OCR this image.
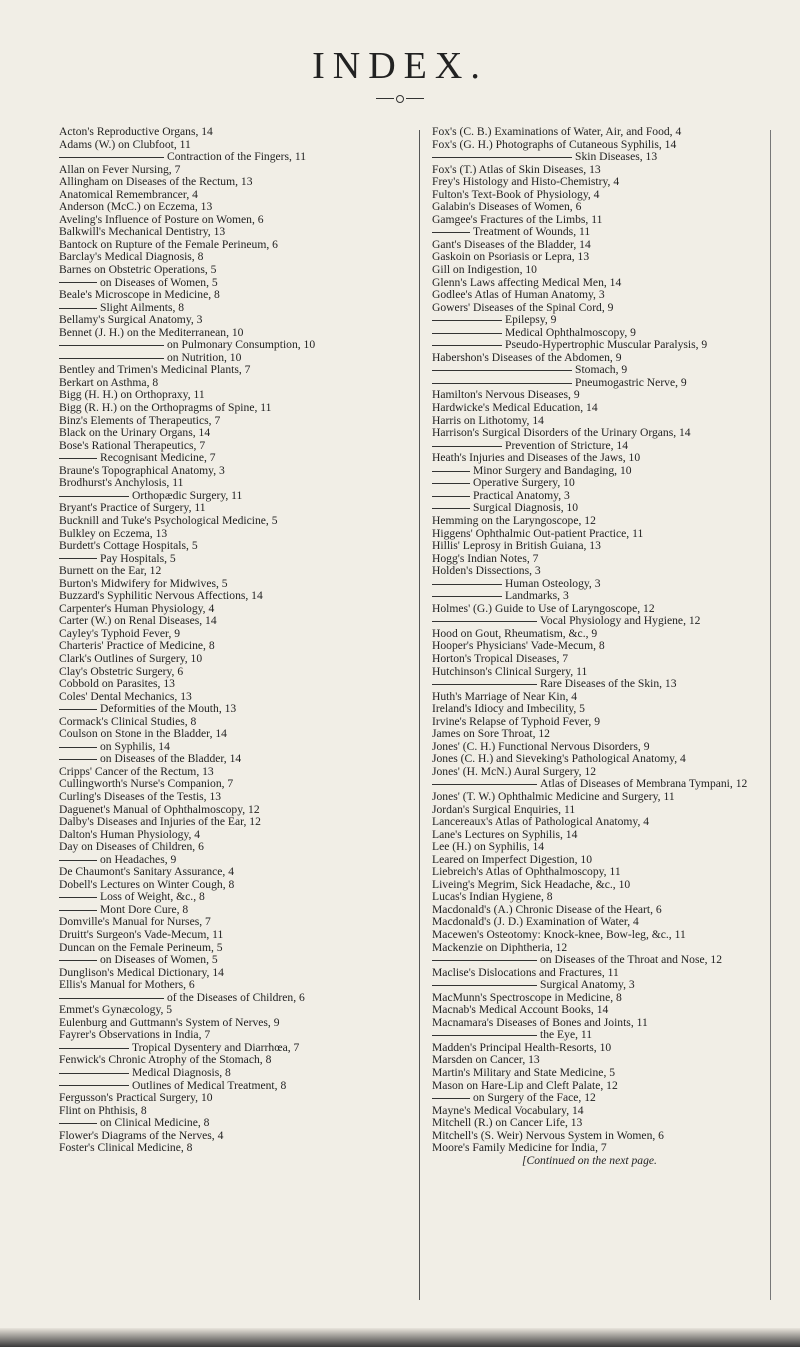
INDEX.
Acton's Reproductive Organs, 14
Adams (W.) on Clubfoot, 11
Contraction of the Fingers, 11
Allan on Fever Nursing, 7
Allingham on Diseases of the Rectum, 13
Anatomical Remembrancer, 4
Anderson (McC.) on Eczema, 13
Aveling's Influence of Posture on Women, 6
Balkwill's Mechanical Dentistry, 13
Bantock on Rupture of the Female Perineum, 6
Barclay's Medical Diagnosis, 8
Barnes on Obstetric Operations, 5
on Diseases of Women, 5
Beale's Microscope in Medicine, 8
Slight Ailments, 8
Bellamy's Surgical Anatomy, 3
Bennet (J. H.) on the Mediterranean, 10
on Pulmonary Consumption, 10
on Nutrition, 10
Bentley and Trimen's Medicinal Plants, 7
Berkart on Asthma, 8
Bigg (H. H.) on Orthopraxy, 11
Bigg (R. H.) on the Orthopragms of Spine, 11
Binz's Elements of Therapeutics, 7
Black on the Urinary Organs, 14
Bose's Rational Therapeutics, 7
Recognisant Medicine, 7
Braune's Topographical Anatomy, 3
Brodhurst's Anchylosis, 11
Orthopædic Surgery, 11
Bryant's Practice of Surgery, 11
Bucknill and Tuke's Psychological Medicine, 5
Bulkley on Eczema, 13
Burdett's Cottage Hospitals, 5
Pay Hospitals, 5
Burnett on the Ear, 12
Burton's Midwifery for Midwives, 5
Buzzard's Syphilitic Nervous Affections, 14
Carpenter's Human Physiology, 4
Carter (W.) on Renal Diseases, 14
Cayley's Typhoid Fever, 9
Charteris' Practice of Medicine, 8
Clark's Outlines of Surgery, 10
Clay's Obstetric Surgery, 6
Cobbold on Parasites, 13
Coles' Dental Mechanics, 13
Deformities of the Mouth, 13
Cormack's Clinical Studies, 8
Coulson on Stone in the Bladder, 14
on Syphilis, 14
on Diseases of the Bladder, 14
Cripps' Cancer of the Rectum, 13
Cullingworth's Nurse's Companion, 7
Curling's Diseases of the Testis, 13
Daguenet's Manual of Ophthalmoscopy, 12
Dalby's Diseases and Injuries of the Ear, 12
Dalton's Human Physiology, 4
Day on Diseases of Children, 6
on Headaches, 9
De Chaumont's Sanitary Assurance, 4
Dobell's Lectures on Winter Cough, 8
Loss of Weight, &c., 8
Mont Dore Cure, 8
Domville's Manual for Nurses, 7
Druitt's Surgeon's Vade-Mecum, 11
Duncan on the Female Perineum, 5
on Diseases of Women, 5
Dunglison's Medical Dictionary, 14
Ellis's Manual for Mothers, 6
of the Diseases of Children, 6
Emmet's Gynæcology, 5
Eulenburg and Guttmann's System of Nerves, 9
Fayrer's Observations in India, 7
Tropical Dysentery and Diarrhœa, 7
Fenwick's Chronic Atrophy of the Stomach, 8
Medical Diagnosis, 8
Outlines of Medical Treatment, 8
Fergusson's Practical Surgery, 10
Flint on Phthisis, 8
on Clinical Medicine, 8
Flower's Diagrams of the Nerves, 4
Foster's Clinical Medicine, 8
Fox's (C. B.) Examinations of Water, Air, and Food, 4
Fox's (G. H.) Photographs of Cutaneous Syphilis, 14
Skin Diseases, 13
Fox's (T.) Atlas of Skin Diseases, 13
Frey's Histology and Histo-Chemistry, 4
Fulton's Text-Book of Physiology, 4
Galabin's Diseases of Women, 6
Gamgee's Fractures of the Limbs, 11
Treatment of Wounds, 11
Gant's Diseases of the Bladder, 14
Gaskoin on Psoriasis or Lepra, 13
Gill on Indigestion, 10
Glenn's Laws affecting Medical Men, 14
Godlee's Atlas of Human Anatomy, 3
Gowers' Diseases of the Spinal Cord, 9
Epilepsy, 9
Medical Ophthalmoscopy, 9
Pseudo-Hypertrophic Muscular Paralysis, 9
Habershon's Diseases of the Abdomen, 9
Stomach, 9
Pneumogastric Nerve, 9
Hamilton's Nervous Diseases, 9
Hardwicke's Medical Education, 14
Harris on Lithotomy, 14
Harrison's Surgical Disorders of the Urinary Organs, 14
Prevention of Stricture, 14
Heath's Injuries and Diseases of the Jaws, 10
Minor Surgery and Bandaging, 10
Operative Surgery, 10
Practical Anatomy, 3
Surgical Diagnosis, 10
Hemming on the Laryngoscope, 12
Higgens' Ophthalmic Out-patient Practice, 11
Hillis' Leprosy in British Guiana, 13
Hogg's Indian Notes, 7
Holden's Dissections, 3
Human Osteology, 3
Landmarks, 3
Holmes' (G.) Guide to Use of Laryngoscope, 12
Vocal Physiology and Hygiene, 12
Hood on Gout, Rheumatism, &c., 9
Hooper's Physicians' Vade-Mecum, 8
Horton's Tropical Diseases, 7
Hutchinson's Clinical Surgery, 11
Rare Diseases of the Skin, 13
Huth's Marriage of Near Kin, 4
Ireland's Idiocy and Imbecility, 5
Irvine's Relapse of Typhoid Fever, 9
James on Sore Throat, 12
Jones' (C. H.) Functional Nervous Disorders, 9
Jones (C. H.) and Sieveking's Pathological Anatomy, 4
Jones' (H. McN.) Aural Surgery, 12
Atlas of Diseases of Membrana Tympani, 12
Jones' (T. W.) Ophthalmic Medicine and Surgery, 11
Jordan's Surgical Enquiries, 11
Lancereaux's Atlas of Pathological Anatomy, 4
Lane's Lectures on Syphilis, 14
Lee (H.) on Syphilis, 14
Leared on Imperfect Digestion, 10
Liebreich's Atlas of Ophthalmoscopy, 11
Liveing's Megrim, Sick Headache, &c., 10
Lucas's Indian Hygiene, 8
Macdonald's (A.) Chronic Disease of the Heart, 6
Macdonald's (J. D.) Examination of Water, 4
Macewen's Osteotomy: Knock-knee, Bow-leg, &c., 11
Mackenzie on Diphtheria, 12
on Diseases of the Throat and Nose, 12
Maclise's Dislocations and Fractures, 11
Surgical Anatomy, 3
MacMunn's Spectroscope in Medicine, 8
Macnab's Medical Account Books, 14
Macnamara's Diseases of Bones and Joints, 11
the Eye, 11
Madden's Principal Health-Resorts, 10
Marsden on Cancer, 13
Martin's Military and State Medicine, 5
Mason on Hare-Lip and Cleft Palate, 12
on Surgery of the Face, 12
Mayne's Medical Vocabulary, 14
Mitchell (R.) on Cancer Life, 13
Mitchell's (S. Weir) Nervous System in Women, 6
Moore's Family Medicine for India, 7
[Continued on the next page.
